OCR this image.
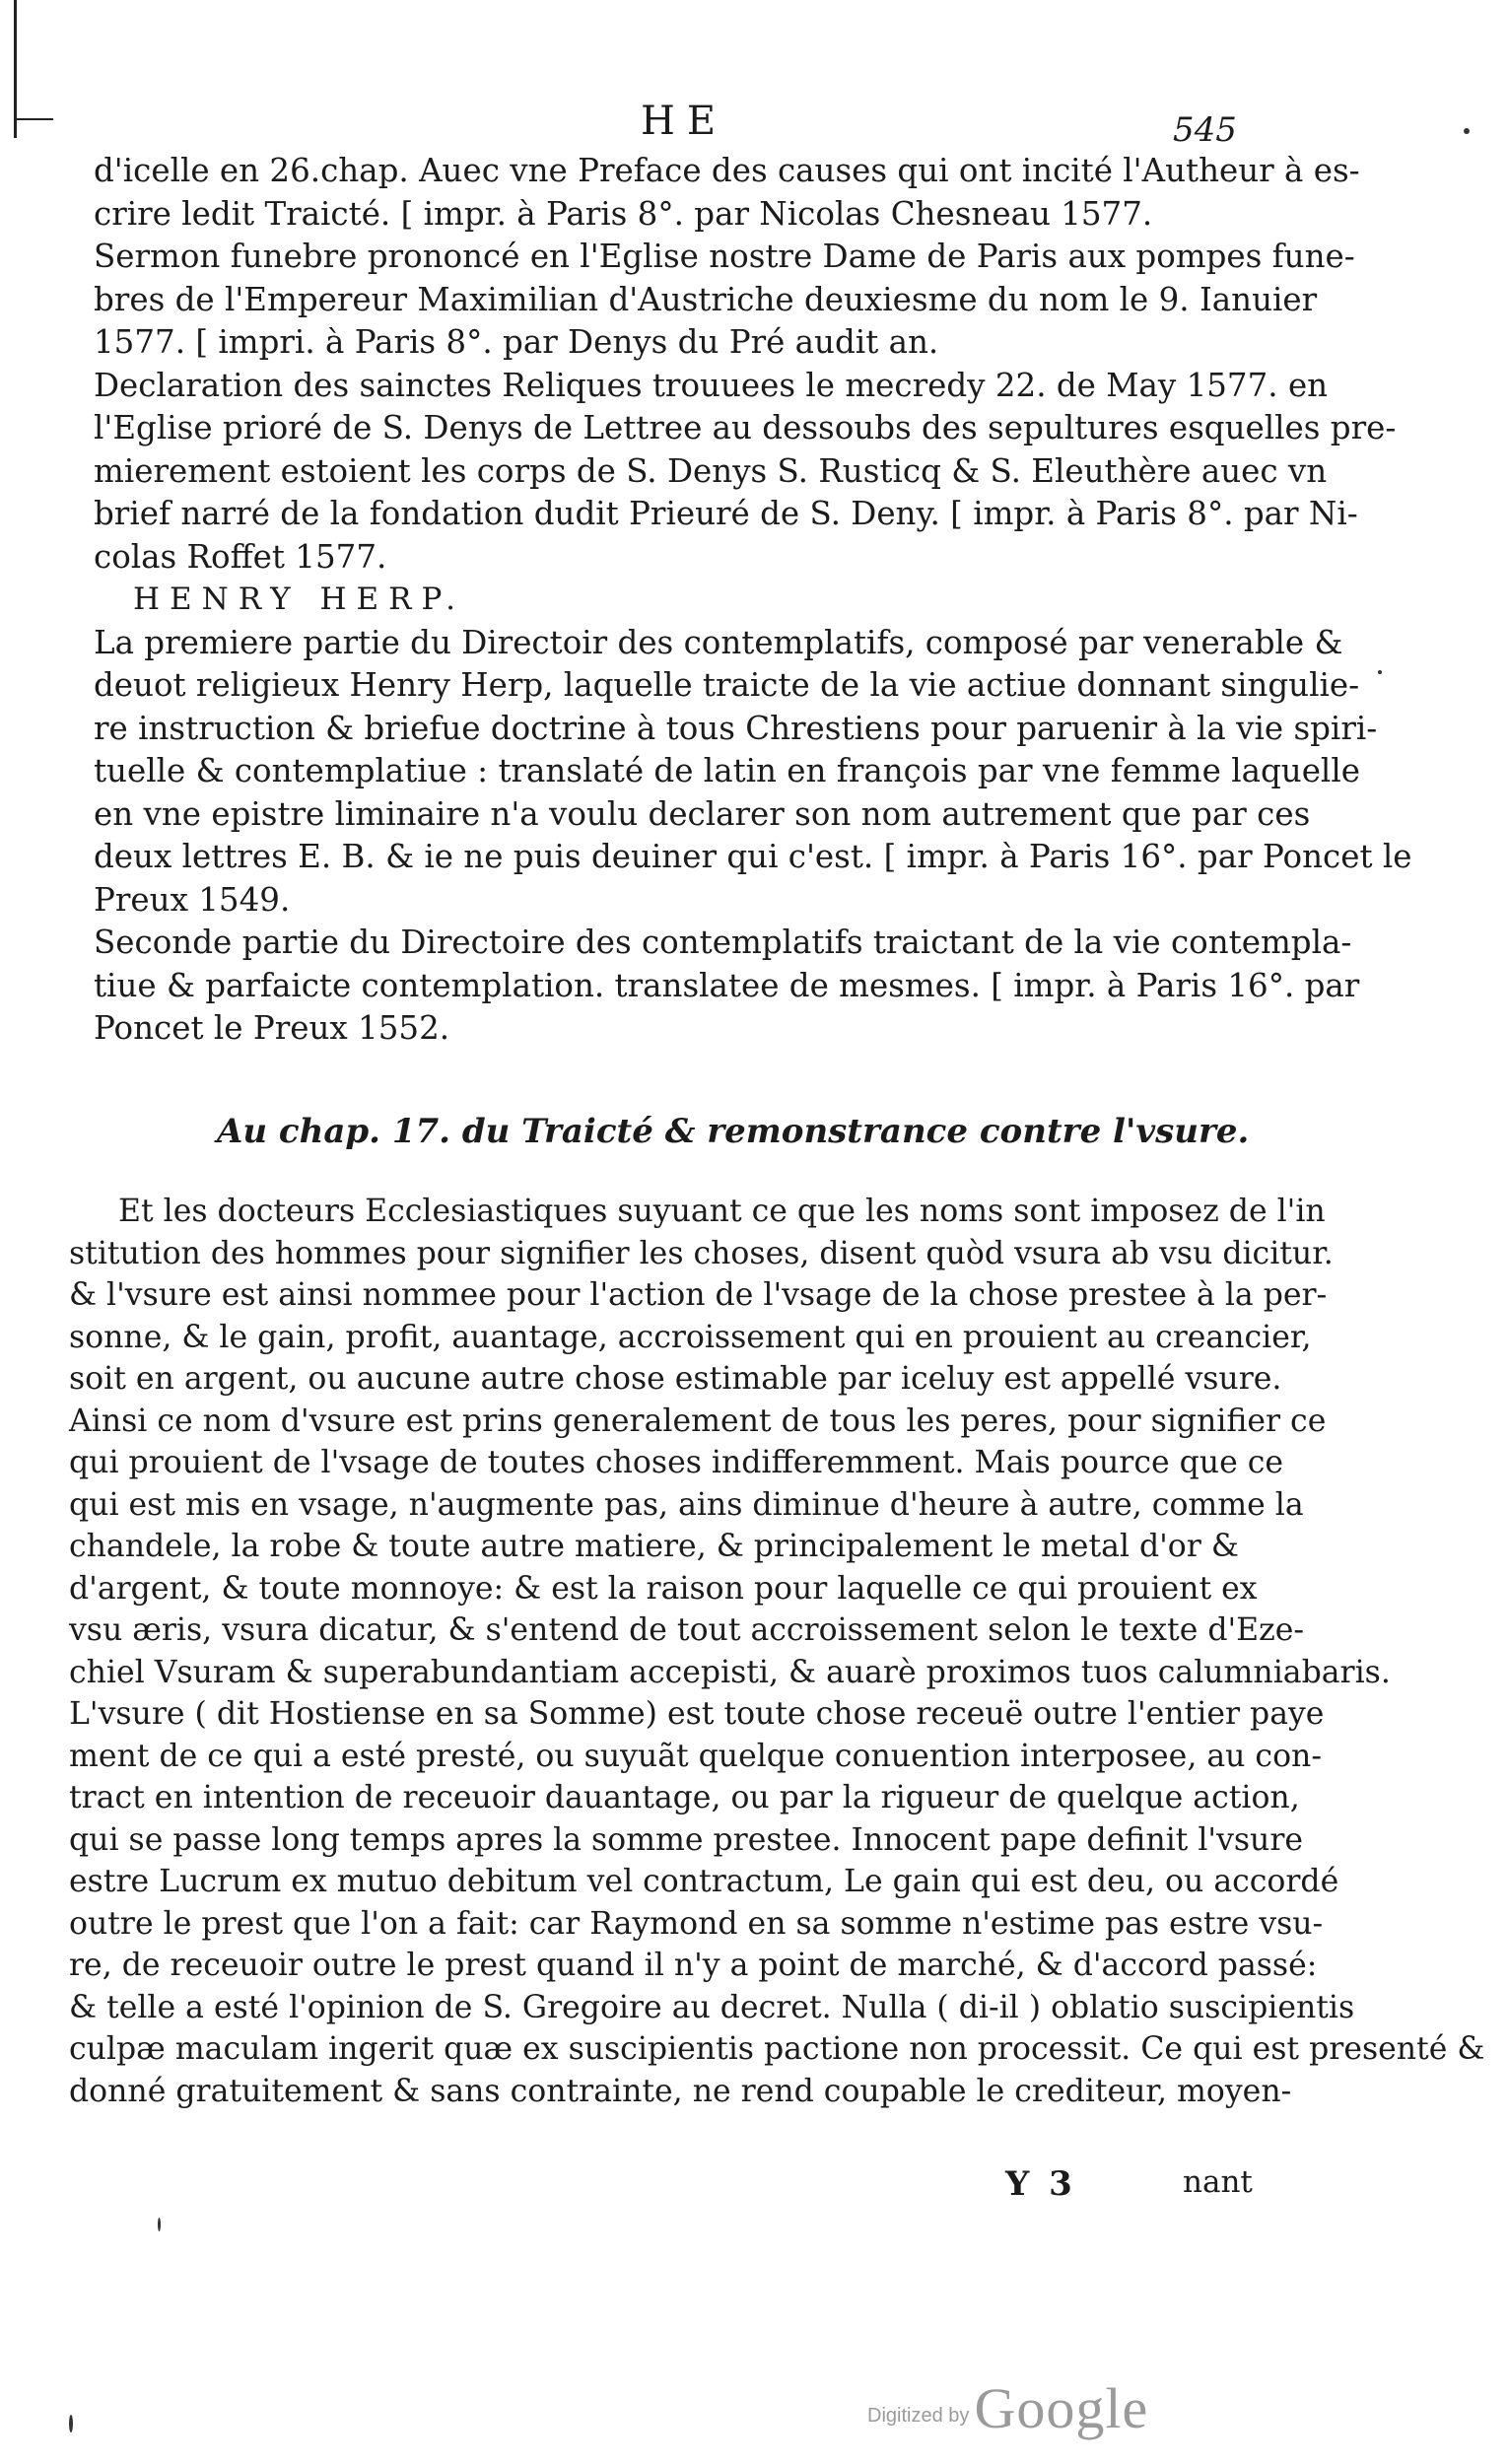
HE	545
d'icelle en 26.chap. Auec vne Preface des causes qui ont incité l'Autheur à es-
crire ledit Traicté. [ impr. à Paris 8°. par Nicolas Chesneau 1577.
Sermon funebre prononcé en l'Eglise nostre Dame de Paris aux pompes fune-
bres de l'Empereur Maximilian d'Austriche deuxiesme du nom le 9. Ianuier
1577. [ impri. à Paris 8°. par Denys du Pré audit an.
Declaration des sainctes Reliques trouuees le mecredy 22. de May 1577. en
l'Eglise prioré de S. Denys de Lettree au dessoubs des sepultures esquelles pre-
mierement estoient les corps de S. Denys S. Rusticq & S. Eleuthère auec vn
brief narré de la fondation dudit Prieuré de S. Deny. [ impr. à Paris 8°. par Ni-
colas Roffet 1577.
HENRY HERP.
La premiere partie du Directoir des contemplatifs, composé par venerable &
deuot religieux Henry Herp, laquelle traicte de la vie actiue donnant singulie-
re instruction & briefue doctrine à tous Chrestiens pour paruenir à la vie spiri-
tuelle & contemplatiue : translaté de latin en françois par vne femme laquelle
en vne epistre liminaire n'a voulu declarer son nom autrement que par ces
deux lettres E. B. & ie ne puis deuiner qui c'est. [ impr. à Paris 16°. par Poncet le
Preux 1549.
Seconde partie du Directoire des contemplatifs traictant de la vie contempla-
tiue & parfaicte contemplation. translatee de mesmes. [ impr. à Paris 16°. par
Poncet le Preux 1552.
Au chap. 17. du Traicté & remonstrance contre l'vsure.
Et les docteurs Ecclesiastiques suyuant ce que les noms sont imposez de l'in
stitution des hommes pour signifier les choses, disent quòd vsura ab vsu dicitur.
& l'vsure est ainsi nommee pour l'action de l'vsage de la chose prestee à la per-
sonne, & le gain, profit, auantage, accroissement qui en prouient au creancier,
soit en argent, ou aucune autre chose estimable par iceluy est appellé vsure.
Ainsi ce nom d'vsure est prins generalement de tous les peres, pour signifier ce
qui prouient de l'vsage de toutes choses indifferemment. Mais pource que ce
qui est mis en vsage, n'augmente pas, ains diminue d'heure à autre, comme la
chandele, la robe & toute autre matiere, & principalement le metal d'or &
d'argent, & toute monnoye: & est la raison pour laquelle ce qui prouient ex
vsu æris, vsura dicatur, & s'entend de tout accroissement selon le texte d'Eze-
chiel Vsuram & superabundantiam accepisti, & auarè proximos tuos calumniabaris.
L'vsure ( dit Hostiense en sa Somme) est toute chose receuë outre l'entier paye
ment de ce qui a esté presté, ou suyuãt quelque conuention interposee, au con-
tract en intention de receuoir dauantage, ou par la rigueur de quelque action,
qui se passe long temps apres la somme prestee. Innocent pape definit l'vsure
estre Lucrum ex mutuo debitum vel contractum, Le gain qui est deu, ou accordé
outre le prest que l'on a fait: car Raymond en sa somme n'estime pas estre vsu-
re, de receuoir outre le prest quand il n'y a point de marché, & d'accord passé:
& telle a esté l'opinion de S. Gregoire au decret. Nulla ( di-il ) oblatio suscipientis
culpæ maculam ingerit quæ ex suscipientis pactione non processit. Ce qui est presenté &
donné gratuitement & sans contrainte, ne rend coupable le crediteur, moyen-
Y 3	nant
Digitized by Google
